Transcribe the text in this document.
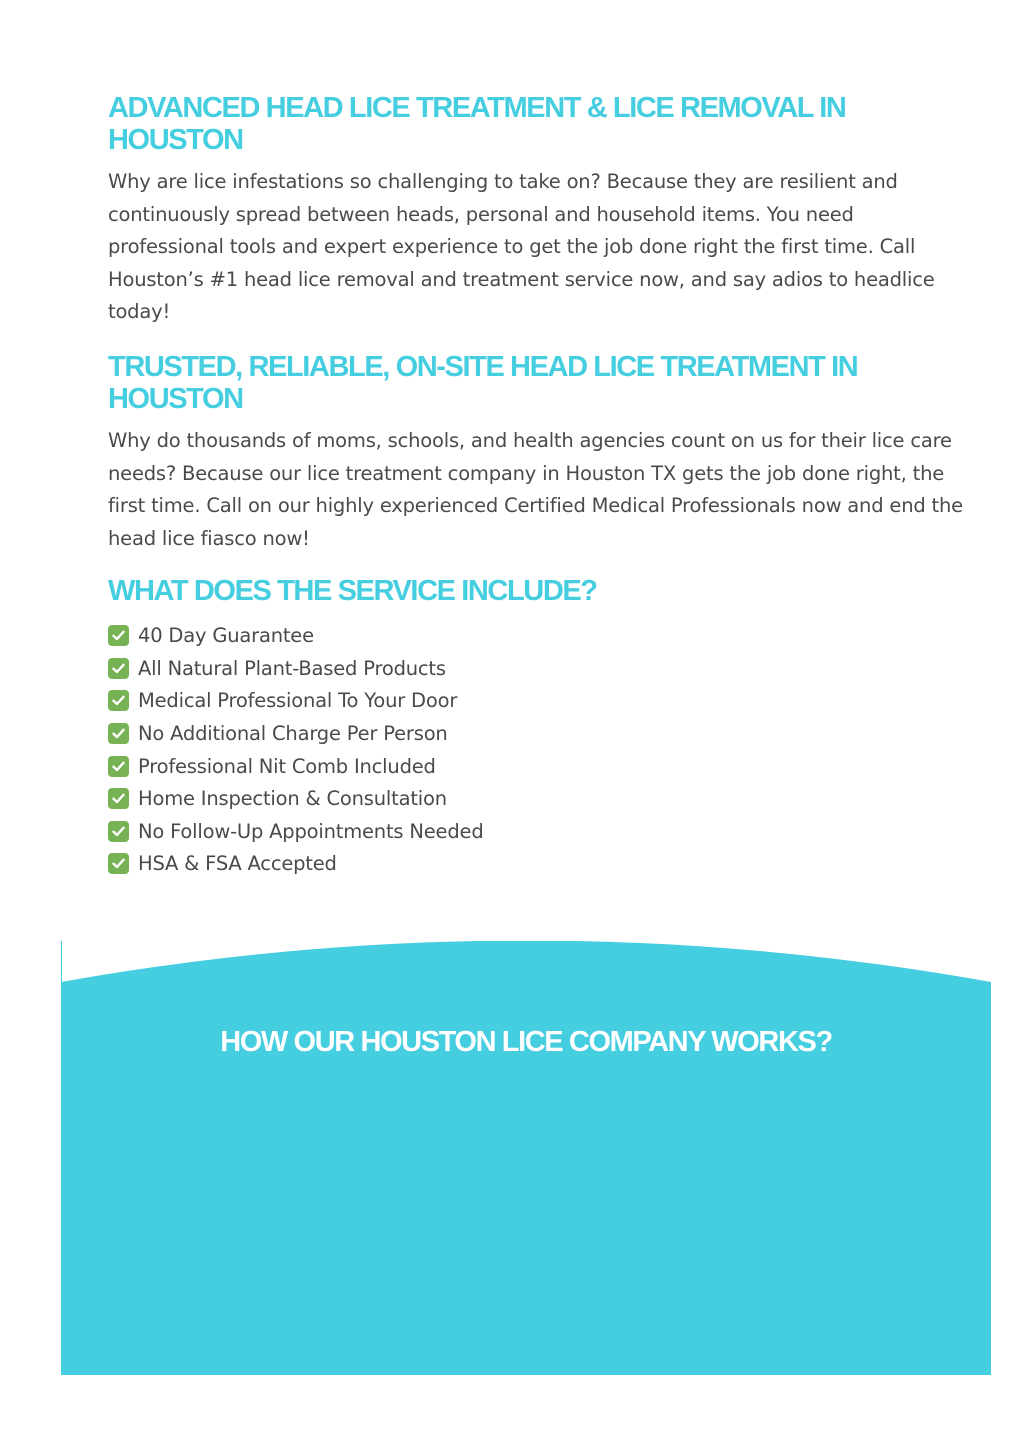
ADVANCED HEAD LICE TREATMENT & LICE REMOVAL IN HOUSTON

Why are lice infestations so challenging to take on? Because they are resilient and continuously spread between heads, personal and household items. You need professional tools and expert experience to get the job done right the first time. Call Houston’s #1 head lice removal and treatment service now, and say adios to headlice today!

TRUSTED, RELIABLE, ON-SITE HEAD LICE TREATMENT IN HOUSTON

Why do thousands of moms, schools, and health agencies count on us for their lice care needs? Because our lice treatment company in Houston TX gets the job done right, the first time. Call on our highly experienced Certified Medical Professionals now and end the head lice fiasco now!

WHAT DOES THE SERVICE INCLUDE?
40 Day Guarantee
All Natural Plant-Based Products
Medical Professional To Your Door
No Additional Charge Per Person
Professional Nit Comb Included
Home Inspection & Consultation
No Follow-Up Appointments Needed
HSA & FSA Accepted
HOW OUR HOUSTON LICE COMPANY WORKS?
